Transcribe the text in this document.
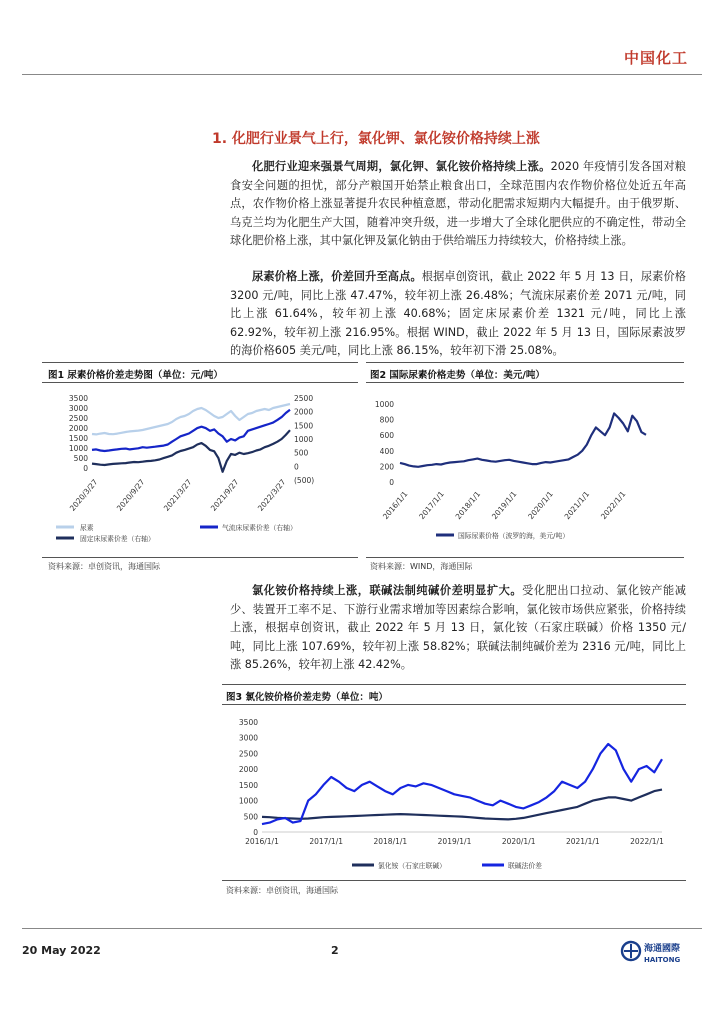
中国化工
1. 化肥行业景气上行，氯化钾、氯化铵价格持续上涨
化肥行业迎来强景气周期，氯化钾、氯化铵价格持续上涨。2020 年疫情引发各国对粮食安全问题的担忧，部分产粮国开始禁止粮食出口，全球范围内农作物价格位处近五年高点，农作物价格上涨显著提升农民种植意愿，带动化肥需求短期内大幅提升。由于俄罗斯、乌克兰均为化肥生产大国，随着冲突升级，进一步增大了全球化肥供应的不确定性，带动全球化肥价格上涨，其中氯化钾及氯化钠由于供给端压力持续较大，价格持续上涨。
尿素价格上涨，价差回升至高点。根据卓创资讯，截止 2022 年 5 月 13 日，尿素价格 3200 元/吨，同比上涨 47.47%，较年初上涨 26.48%；气流床尿素价差 2071 元/吨，同比上涨 61.64%，较年初上涨 40.68%；固定床尿素价差 1321 元/吨，同比上涨 62.92%，较年初上涨 216.95%。根据 WIND，截止 2022 年 5 月 13 日，国际尿素波罗的海价格605 美元/吨，同比上涨 86.15%，较年初下滑 25.08%。
图1 尿素价格价差走势图（单位：元/吨）
3500
3000
2500
2000
1500
1000
500
0
2500
2000
1500
1000
500
0
(500)
2020/3/27 2020/9/27 2021/3/27 2021/9/27 2022/3/27
尿素	气流床尿素价差（右轴）
固定床尿素价差（右轴）
资料来源：卓创资讯，海通国际
图2 国际尿素价格走势（单位：美元/吨）
1000
800
600
400
200
0
2016/1/1 2017/1/1 2018/1/1 2019/1/1 2020/1/1 2021/1/1 2022/1/1
国际尿素价格（波罗的海，美元/吨）
资料来源：WIND，海通国际
氯化铵价格持续上涨，联碱法制纯碱价差明显扩大。受化肥出口拉动、氯化铵产能减少、装置开工率不足、下游行业需求增加等因素综合影响，氯化铵市场供应紧张，价格持续上涨，根据卓创资讯，截止 2022 年 5 月 13 日，氯化铵（石家庄联碱）价格 1350 元/吨，同比上涨 107.69%，较年初上涨 58.82%；联碱法制纯碱价差为 2316 元/吨，同比上涨 85.26%，较年初上涨 42.42%。
图3 氯化铵价格价差走势（单位：吨）
3500
3000
2500
2000
1500
1000
500
0
2016/1/1	2017/1/1	2018/1/1	2019/1/1	2020/1/1	2021/1/1	2022/1/1
氯化铵（石家庄联碱）	联碱法价差
资料来源：卓创资讯，海通国际
20 May 2022	2	海通國際
HAITONG
